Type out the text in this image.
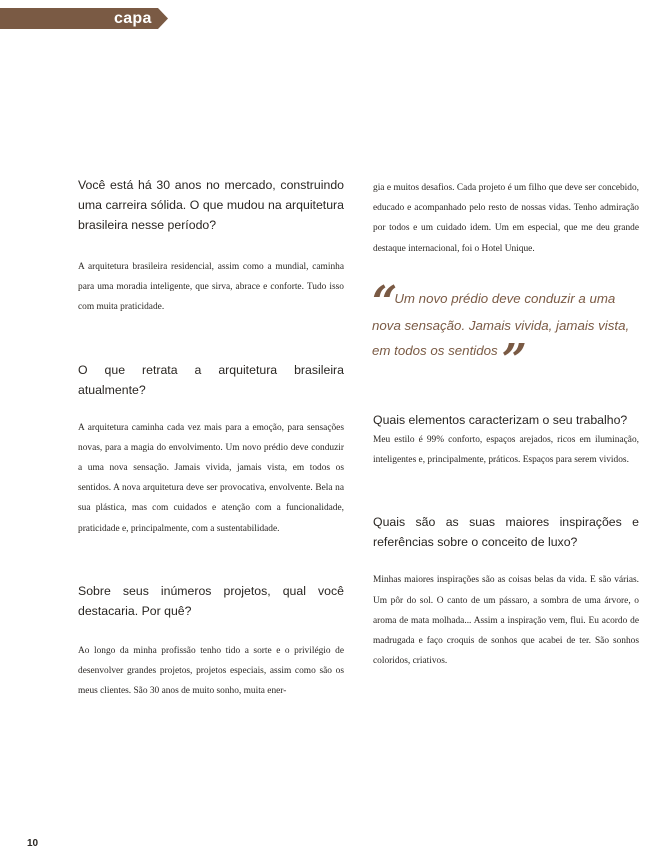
capa

Você está há 30 anos no mercado, construindo uma carreira sólida. O que mudou na arquitetura brasileira nesse período?

A arquitetura brasileira residencial, assim como a mundial, caminha para uma moradia inteligente, que sirva, abrace e conforte. Tudo isso com muita praticidade.

O que retrata a arquitetura brasileira atualmente?

A arquitetura caminha cada vez mais para a emoção, para sensações novas, para a magia do envolvimento. Um novo prédio deve conduzir a uma nova sensação. Jamais vivida, jamais vista, em todos os sentidos. A nova arquitetura deve ser provocativa, envolvente. Bela na sua plástica, mas com cuidados e atenção com a funcionalidade, praticidade e, principalmente, com a sustentabilidade.

Sobre seus inúmeros projetos, qual você destacaria. Por quê?

Ao longo da minha profissão tenho tido a sorte e o privilégio de desenvolver grandes projetos, projetos especiais, assim como são os meus clientes. São 30 anos de muito sonho, muita ener-

gia e muitos desafios. Cada projeto é um filho que deve ser concebido, educado e acompanhado pelo resto de nossas vidas. Tenho admiração por todos e um cuidado idem. Um em especial, que me deu grande destaque internacional, foi o Hotel Unique.

“Um novo prédio deve conduzir a uma nova sensação. Jamais vivida, jamais vista, em todos os sentidos”

Quais elementos caracterizam o seu trabalho?

Meu estilo é 99% conforto, espaços arejados, ricos em iluminação, inteligentes e, principalmente, práticos. Espaços para serem vividos.

Quais são as suas maiores inspirações e referências sobre o conceito de luxo?

Minhas maiores inspirações são as coisas belas da vida. E são várias. Um pôr do sol. O canto de um pássaro, a sombra de uma árvore, o aroma de mata molhada... Assim a inspiração vem, flui. Eu acordo de madrugada e faço croquis de sonhos que acabei de ter. São sonhos coloridos, criativos.

10
